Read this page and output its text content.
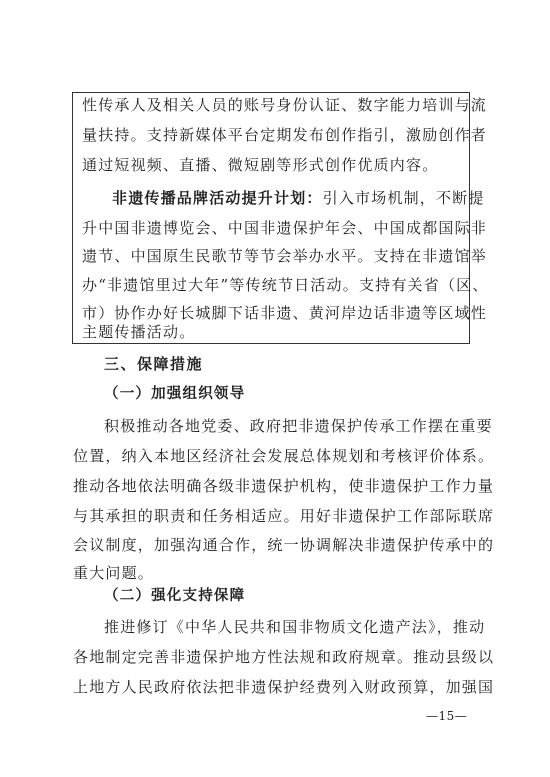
性传承人及相关人员的账号身份认证、数字能力培训与流
量扶持。支持新媒体平台定期发布创作指引，激励创作者
通过短视频、直播、微短剧等形式创作优质内容。
非遗传播品牌活动提升计划：引入市场机制，不断提
升中国非遗博览会、中国非遗保护年会、中国成都国际非
遗节、中国原生民歌节等节会举办水平。支持在非遗馆举
办“非遗馆里过大年”等传统节日活动。支持有关省（区、
市）协作办好长城脚下话非遗、黄河岸边话非遗等区域性
主题传播活动。
三、保障措施
（一）加强组织领导
积极推动各地党委、政府把非遗保护传承工作摆在重要
位置，纳入本地区经济社会发展总体规划和考核评价体系。
推动各地依法明确各级非遗保护机构，使非遗保护工作力量
与其承担的职责和任务相适应。用好非遗保护工作部际联席
会议制度，加强沟通合作，统一协调解决非遗保护传承中的
重大问题。
（二）强化支持保障
推进修订《中华人民共和国非物质文化遗产法》，推动
各地制定完善非遗保护地方性法规和政府规章。推动县级以
上地方人民政府依法把非遗保护经费列入财政预算，加强国
—15—
